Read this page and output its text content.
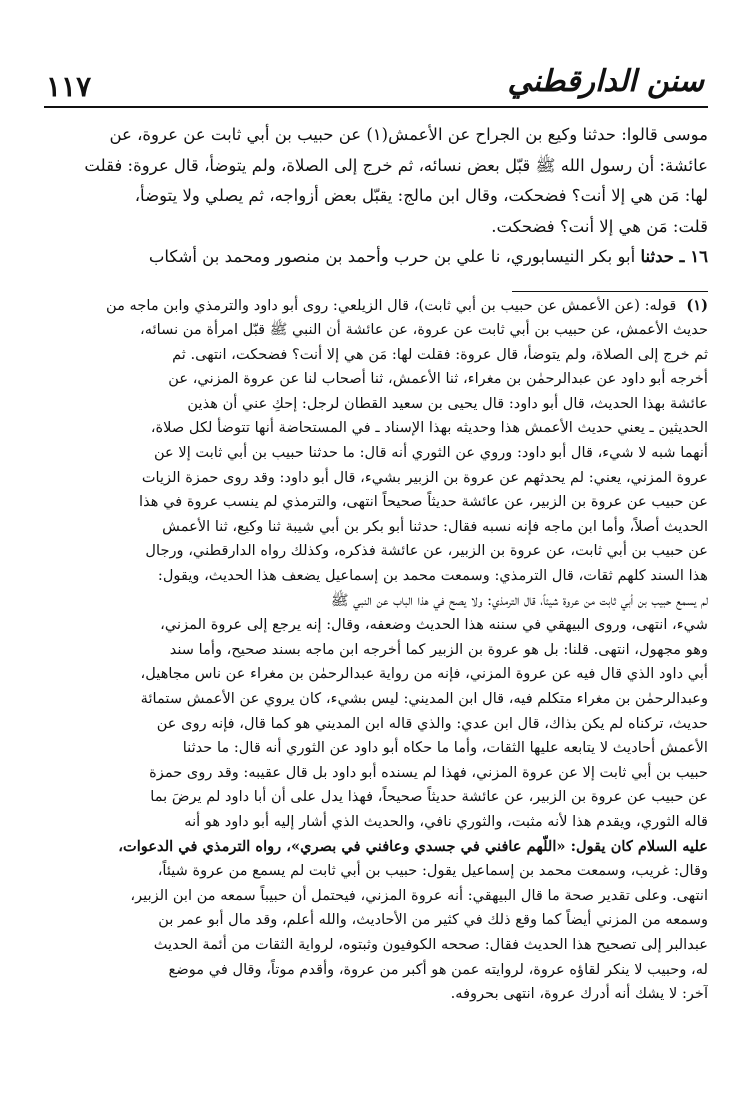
١١٧	سنن الدارقطني
موسى قالوا: حدثنا وكيع بن الجراح عن الأعمش(١) عن حبيب بن أبي ثابت عن عروة، عن
عائشة: أن رسول الله ﷺ قبّل بعض نسائه، ثم خرج إلى الصلاة، ولم يتوضأ، قال عروة: فقلت
لها: مَن هي إلا أنت؟ فضحكت، وقال ابن مالج: يقبّل بعض أزواجه، ثم يصلي ولا يتوضأ،
قلت: مَن هي إلا أنت؟ فضحكت.
١٦ ـ حدثنا أبو بكر النيسابوري، نا علي بن حرب وأحمد بن منصور ومحمد بن أشكاب
(١)قوله: (عن الأعمش عن حبيب بن أبي ثابت)، قال الزيلعي: روى أبو داود والترمذي وابن ماجه من
حديث الأعمش، عن حبيب بن أبي ثابت عن عروة، عن عائشة أن النبي ﷺ قبّل امرأة من نسائه،
ثم خرج إلى الصلاة، ولم يتوضأ، قال عروة: فقلت لها: مَن هي إلا أنت؟ فضحكت، انتهى. ثم
أخرجه أبو داود عن عبدالرحمٰن بن مغراء، ثنا الأعمش، ثنا أصحاب لنا عن عروة المزني، عن
عائشة بهذا الحديث، قال أبو داود: قال يحيى بن سعيد القطان لرجل: إحكِ عني أن هذين
الحديثين ـ يعني حديث الأعمش هذا وحديثه بهذا الإسناد ـ في المستحاضة أنها تتوضأ لكل صلاة،
أنهما شبه لا شيء، قال أبو داود: وروي عن الثوري أنه قال: ما حدثنا حبيب بن أبي ثابت إلا عن
عروة المزني، يعني: لم يحدثهم عن عروة بن الزبير بشيء، قال أبو داود: وقد روى حمزة الزيات
عن حبيب عن عروة بن الزبير، عن عائشة حديثاً صحيحاً انتهى، والترمذي لم ينسب عروة في هذا
الحديث أصلاً، وأما ابن ماجه فإنه نسبه فقال: حدثنا أبو بكر بن أبي شيبة ثنا وكيع، ثنا الأعمش
عن حبيب بن أبي ثابت، عن عروة بن الزبير، عن عائشة فذكره، وكذلك رواه الدارقطني، ورجال
هذا السند كلهم ثقات، قال الترمذي: وسمعت محمد بن إسماعيل يضعف هذا الحديث، ويقول:
لم يسمع حبيب بن أبي ثابت من عروة شيئاً، قال الترمذي: ولا يصح في هذا الباب عن النبي ﷺ
شيء، انتهى، وروى البيهقي في سننه هذا الحديث وضعفه، وقال: إنه يرجع إلى عروة المزني،
وهو مجهول، انتهى. قلنا: بل هو عروة بن الزبير كما أخرجه ابن ماجه بسند صحيح، وأما سند
أبي داود الذي قال فيه عن عروة المزني، فإنه من رواية عبدالرحمٰن بن مغراء عن ناس مجاهيل،
وعبدالرحمٰن بن مغراء متكلم فيه، قال ابن المديني: ليس بشيء، كان يروي عن الأعمش ستمائة
حديث، تركناه لم يكن بذاك، قال ابن عدي: والذي قاله ابن المديني هو كما قال، فإنه روى عن
الأعمش أحاديث لا يتابعه عليها الثقات، وأما ما حكاه أبو داود عن الثوري أنه قال: ما حدثنا
حبيب بن أبي ثابت إلا عن عروة المزني، فهذا لم يسنده أبو داود بل قال عقيبه: وقد روى حمزة
عن حبيب عن عروة بن الزبير، عن عائشة حديثاً صحيحاً، فهذا يدل على أن أبا داود لم يرضَ بما
قاله الثوري، ويقدم هذا لأنه مثبت، والثوري نافي، والحديث الذي أشار إليه أبو داود هو أنه
عليه السلام كان يقول: «اللّهم عافني في جسدي وعافني في بصري»، رواه الترمذي في الدعوات،
وقال: غريب، وسمعت محمد بن إسماعيل يقول: حبيب بن أبي ثابت لم يسمع من عروة شيئاً،
انتهى. وعلى تقدير صحة ما قال البيهقي: أنه عروة المزني، فيحتمل أن حبيباً سمعه من ابن الزبير،
وسمعه من المزني أيضاً كما وقع ذلك في كثير من الأحاديث، والله أعلم، وقد مال أبو عمر بن
عبدالبر إلى تصحيح هذا الحديث فقال: صححه الكوفيون وثبتوه، لرواية الثقات من أئمة الحديث
له، وحبيب لا ينكر لقاؤه عروة، لروايته عمن هو أكبر من عروة، وأقدم موتاً، وقال في موضع
آخر: لا يشك أنه أدرك عروة، انتهى بحروفه.
